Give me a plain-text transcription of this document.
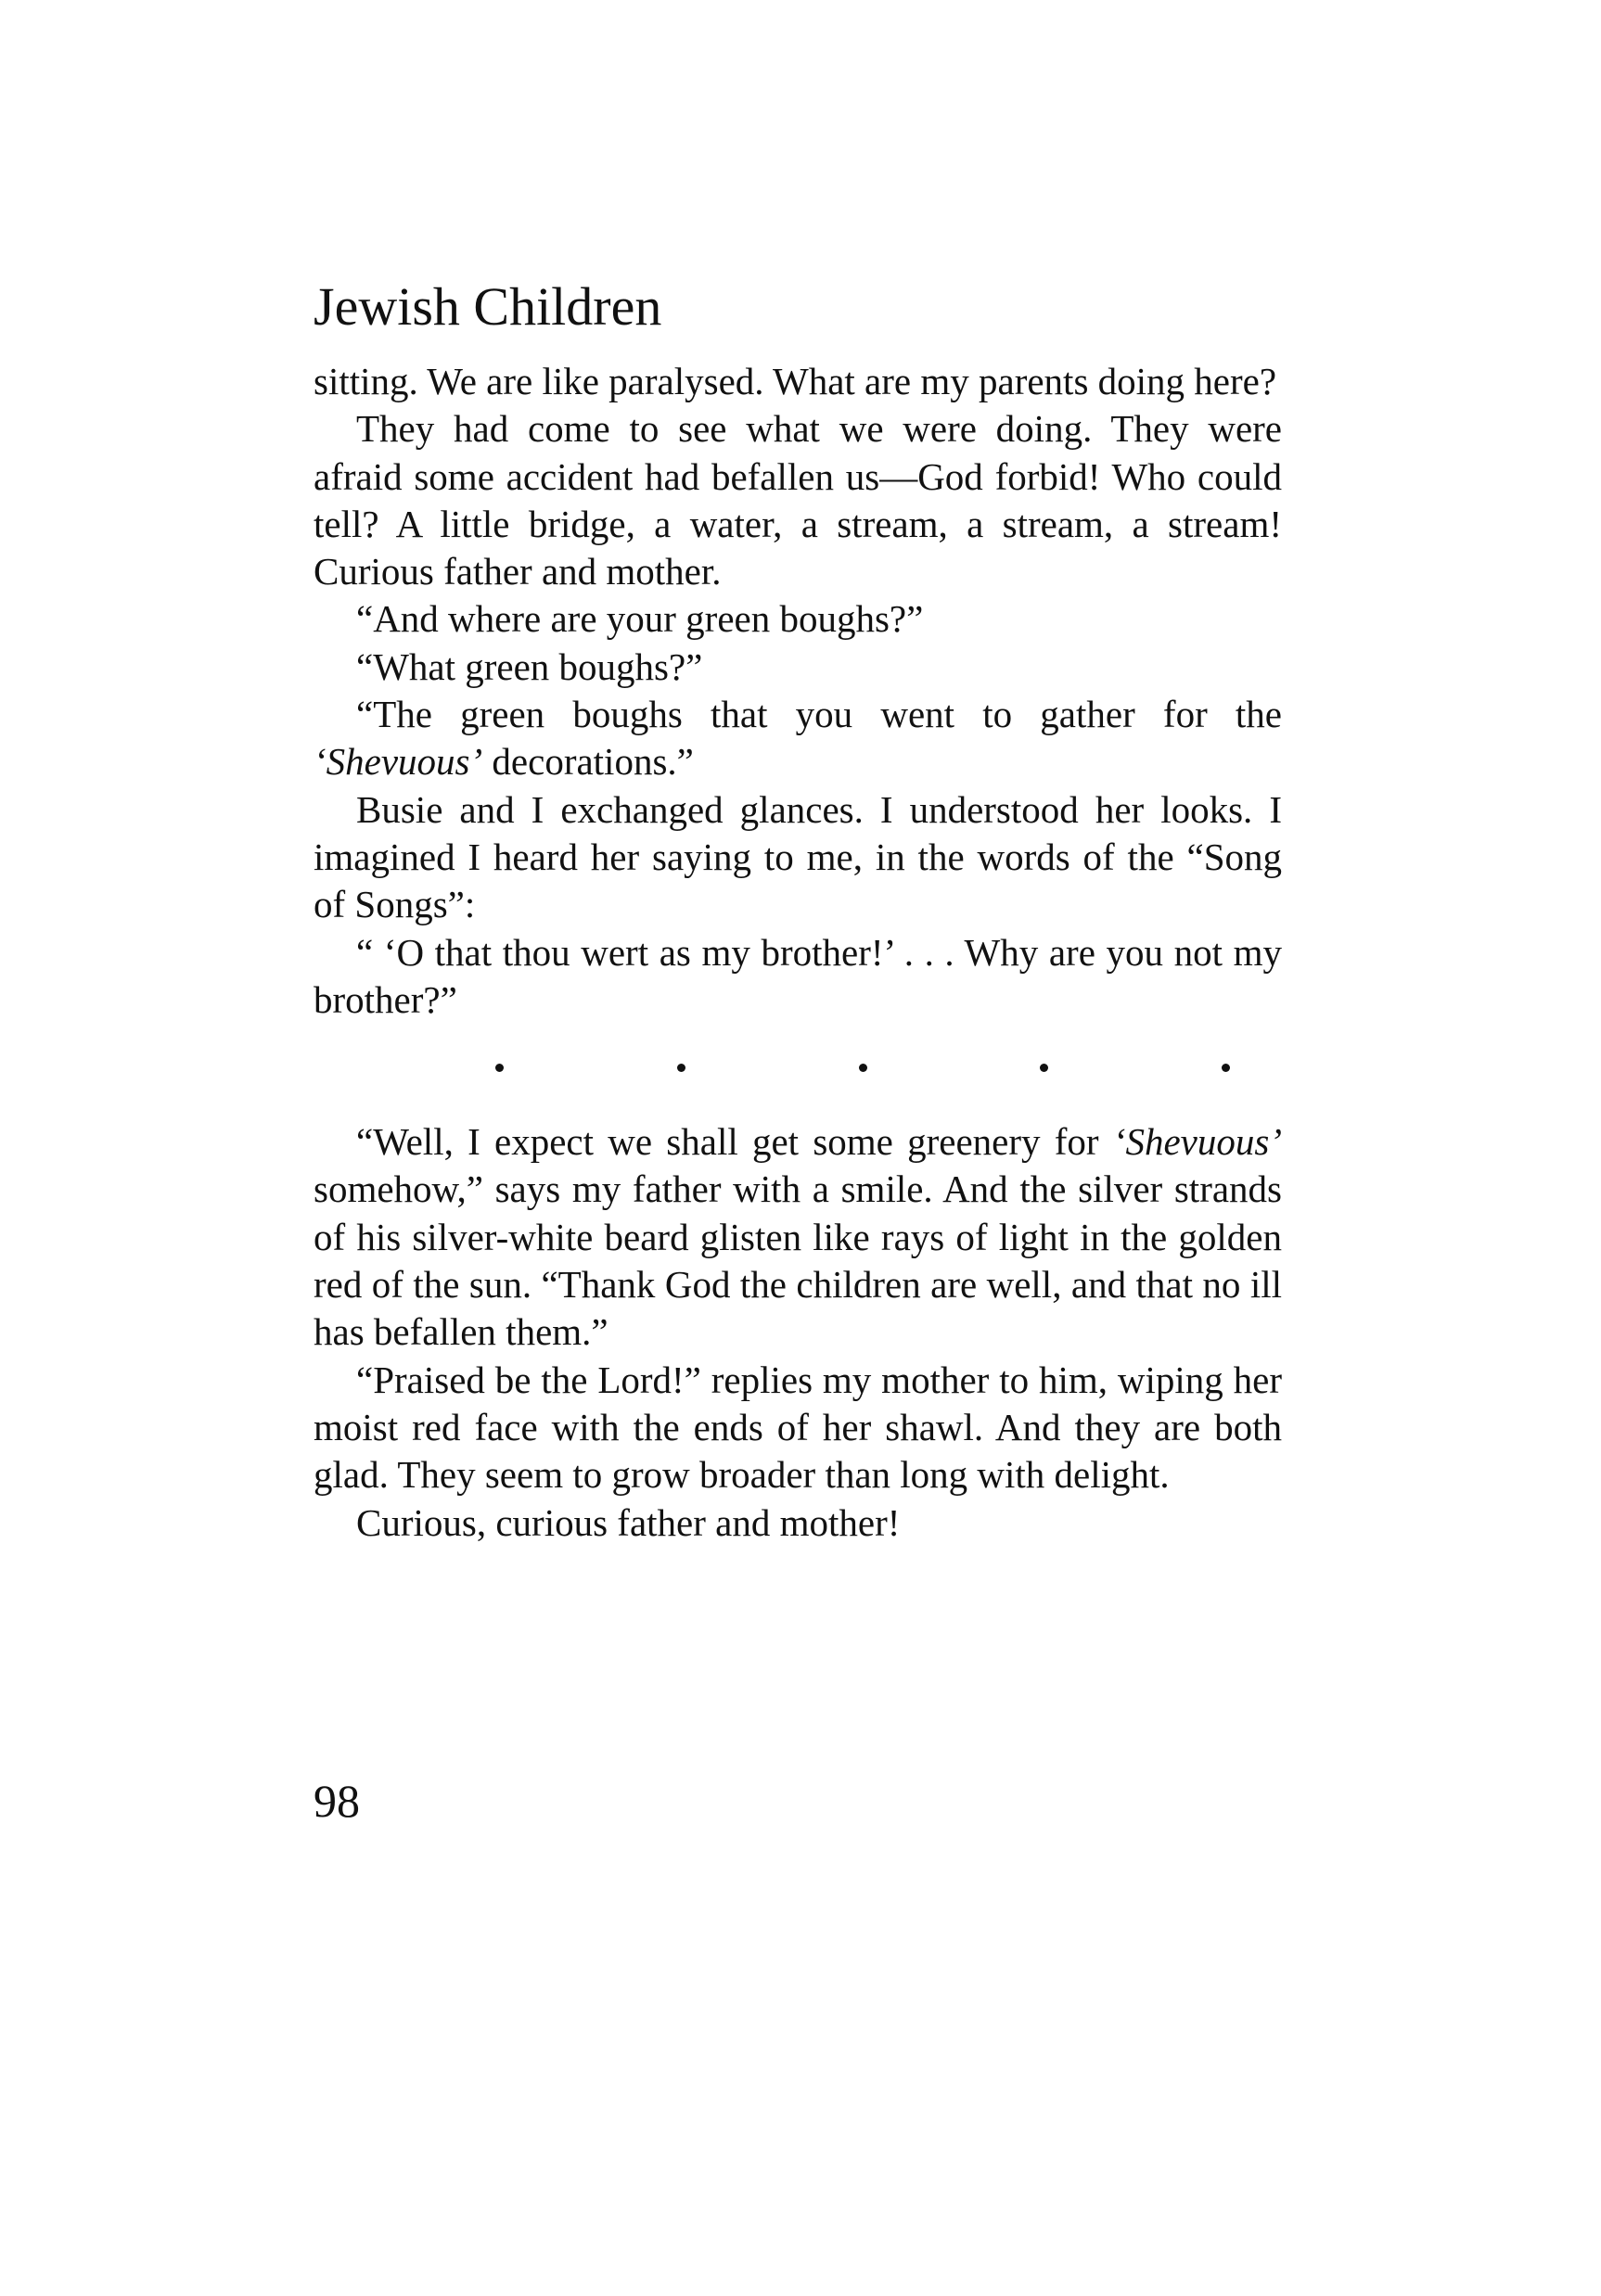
Jewish Children

sitting. We are like paralysed. What are my parents doing here?

They had come to see what we were doing. They were afraid some accident had befallen us—God forbid! Who could tell? A little bridge, a water, a stream, a stream, a stream! Curious father and mother.

“And where are your green boughs?”

“What green boughs?”

“The green boughs that you went to gather for the ‘Shevuous’ decorations.”

Busie and I exchanged glances. I understood her looks. I imagined I heard her saying to me, in the words of the “Song of Songs”:

“ ‘O that thou wert as my brother!’ . . . Why are you not my brother?”

“Well, I expect we shall get some greenery for ‘Shevuous’ somehow,” says my father with a smile. And the silver strands of his silver-white beard glisten like rays of light in the golden red of the sun. “Thank God the children are well, and that no ill has befallen them.”

“Praised be the Lord!” replies my mother to him, wiping her moist red face with the ends of her shawl. And they are both glad. They seem to grow broader than long with delight.

Curious, curious father and mother!

98
